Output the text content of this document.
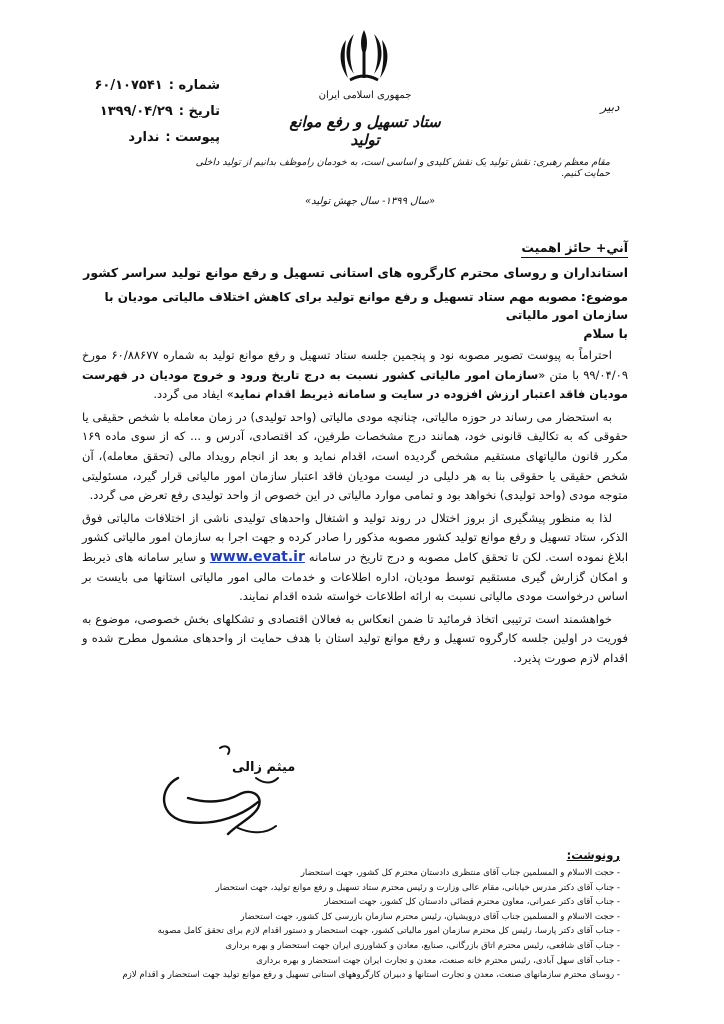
جمهوری اسلامی ایران
ستاد تسهیل و رفع موانع تولید
مقام معظم رهبری: نقش تولید یک نقش کلیدی و اساسی است، به خودمان راموظف بدانیم از تولید داخلی حمایت کنیم.
«سال ۱۳۹۹- سال جهش تولید»
دبیر
شماره :
۶۰/۱۰۷۵۴۱
تاریخ :
۱۳۹۹/۰۴/۲۹
پیوست :
ندارد
آني+ حائز اهمیت
استانداران و روسای محترم کارگروه های استانی تسهیل و رفع موانع تولید سراسر کشور
موضوع: مصوبه مهم ستاد تسهیل و رفع موانع تولید برای کاهش اختلاف مالیاتی مودیان با سازمان امور مالیاتی
با سلام

احتراماً به پیوست تصویر مصوبه نود و پنجمین جلسه ستاد تسهیل و رفع موانع تولید به شماره ۶۰/۸۸۶۷۷ مورخ ۹۹/۰۴/۰۹ با متن «سازمان امور مالیاتی کشور نسبت به درج تاریخ ورود و خروج مودیان در فهرست مودیان فاقد اعتبار ارزش افزوده در سایت و سامانه ذیربط اقدام نماید» ایفاد می گردد.

به استحضار می رساند در حوزه مالیاتی، چنانچه مودی مالیاتی (واحد تولیدی) در زمان معامله با شخص حقیقی یا حقوقی که به تکالیف قانونی خود، همانند درج مشخصات طرفین، کد اقتصادی، آدرس و ... که از سوی ماده ۱۶۹ مکرر قانون مالیاتهای مستقیم مشخص گردیده است، اقدام نماید و بعد از انجام رویداد مالی (تحقق معامله)، آن شخص حقیقی یا حقوقی بنا به هر دلیلی در لیست مودیان فاقد اعتبار سازمان امور مالیاتی قرار گیرد، مسئولیتی متوجه مودی (واحد تولیدی) نخواهد بود و تمامی موارد مالیاتی در این خصوص از واحد تولیدی رفع تعرض می گردد.

لذا به منظور پیشگیری از بروز اختلال در روند تولید و اشتغال واحدهای تولیدی ناشی از اختلافات مالیاتی فوق الذکر، ستاد تسهیل و رفع موانع تولید کشور مصوبه مذکور را صادر کرده و جهت اجرا به سازمان امور مالیاتی کشور ابلاغ نموده است. لکن تا تحقق کامل مصوبه و درج تاریخ در سامانه www.evat.ir و سایر سامانه های ذیربط و امکان گزارش گیری مستقیم توسط مودیان، اداره اطلاعات و خدمات مالی امور مالیاتی استانها می بایست بر اساس درخواست مودی مالیاتی نسبت به ارائه اطلاعات خواسته شده اقدام نمایند.

خواهشمند است ترتیبی اتخاذ فرمائید تا ضمن انعکاس به فعالان اقتصادی و تشکلهای بخش خصوصی، موضوع به فوریت در اولین جلسه کارگروه تسهیل و رفع موانع تولید استان با هدف حمایت از واحدهای مشمول مطرح شده و اقدام لازم صورت پذیرد.

میثم زالی
رونوشت:
- حجت الاسلام و المسلمین جناب آقای منتظری دادستان محترم کل کشور، جهت استحضار
- جناب آقای دکتر مدرس خیابانی، مقام عالی وزارت و رئیس محترم ستاد تسهیل و رفع موانع تولید، جهت استحضار
- جناب آقای دکتر عمرانی، معاون محترم قضائی دادستان کل کشور، جهت استحضار
- حجت الاسلام و المسلمین جناب آقای درویشیان، رئیس محترم سازمان بازرسی کل کشور، جهت استحضار
- جناب آقای دکتر پارسا، رئیس کل محترم سازمان امور مالیاتی کشور، جهت استحضار و دستور اقدام لازم برای تحقق کامل مصوبه
- جناب آقای شافعی، رئیس محترم اتاق بازرگانی، صنایع، معادن و کشاورزی ایران جهت استحضار و بهره برداری
- جناب آقای سهل آبادی، رئیس محترم خانه صنعت، معدن و تجارت ایران جهت استحضار و بهره برداری
- روسای محترم سازمانهای صنعت، معدن و تجارت استانها و دبیران کارگروههای استانی تسهیل و رفع موانع تولید جهت استحضار و اقدام لازم
